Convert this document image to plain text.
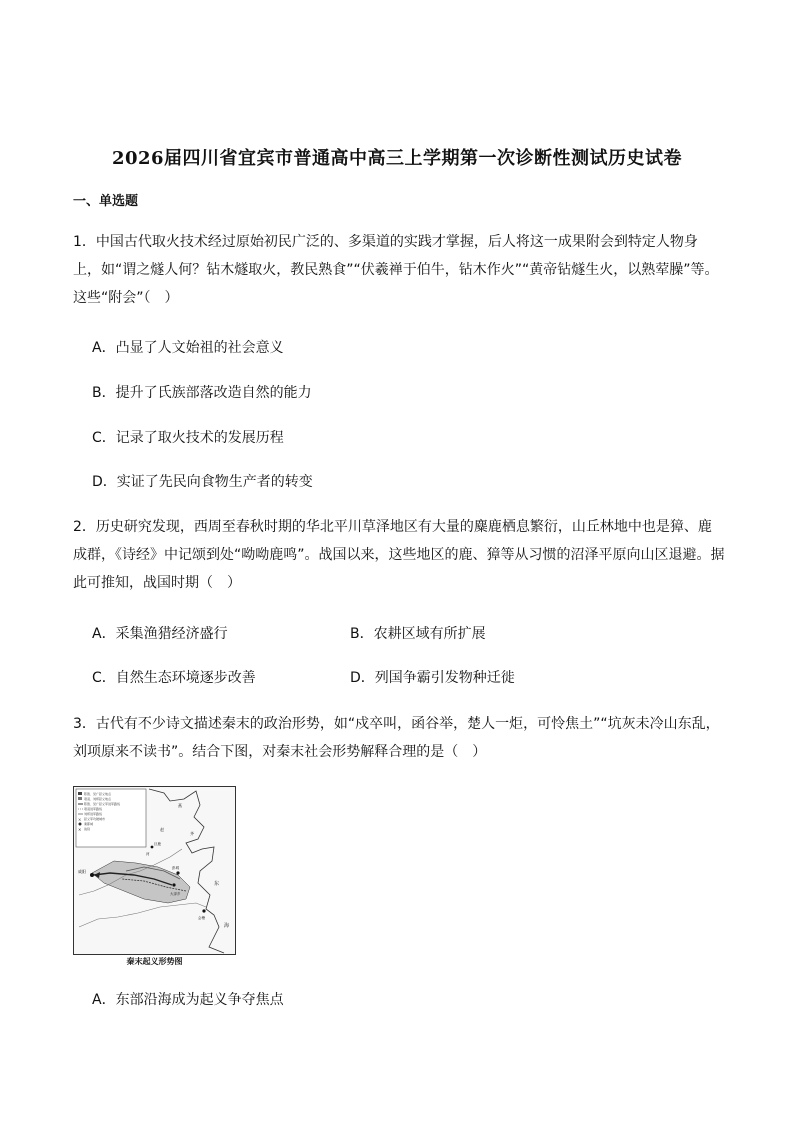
2026届四川省宜宾市普通高中高三上学期第一次诊断性测试历史试卷
一、单选题
1．中国古代取火技术经过原始初民广泛的、多渠道的实践才掌握，后人将这一成果附会到特定人物身上，如“谓之燧人何？钻木燧取火，教民熟食”“伏羲禅于伯牛，钻木作火”“黄帝钻燧生火，以熟荤臊”等。这些“附会”（　）
A．凸显了人文始祖的社会意义
B．提升了氏族部落改造自然的能力
C．记录了取火技术的发展历程
D．实证了先民向食物生产者的转变
2．历史研究发现，西周至春秋时期的华北平川草泽地区有大量的麋鹿栖息繁衍，山丘林地中也是獐、鹿成群，《诗经》中记颂到处“呦呦鹿鸣”。战国以来，这些地区的鹿、獐等从习惯的沼泽平原向山区退避。据此可推知，战国时期（　）
A．采集渔猎经济盛行	B．农耕区域有所扩展
C．自然生态环境逐步改善	D．列国争霸引发物种迁徙
3．古代有不少诗文描述秦末的政治形势，如“戍卒叫，函谷举，楚人一炬，可怜焦土”“坑灰未冷山东乱，刘项原来不读书”。结合下图，对秦末社会形势解释合理的是（　）
陈胜、吴广起义地点
项羽、刘邦起义地点
陈胜、吴广起义军进军路线
项羽进军路线
刘邦进军路线
× 起义军攻破城市
秦都城
✕ 战役
咸阳
东
海
河
彭城
大泽乡
会稽
巨鹿
燕
赵
齐
秦末起义形势图
A．东部沿海成为起义争夺焦点
